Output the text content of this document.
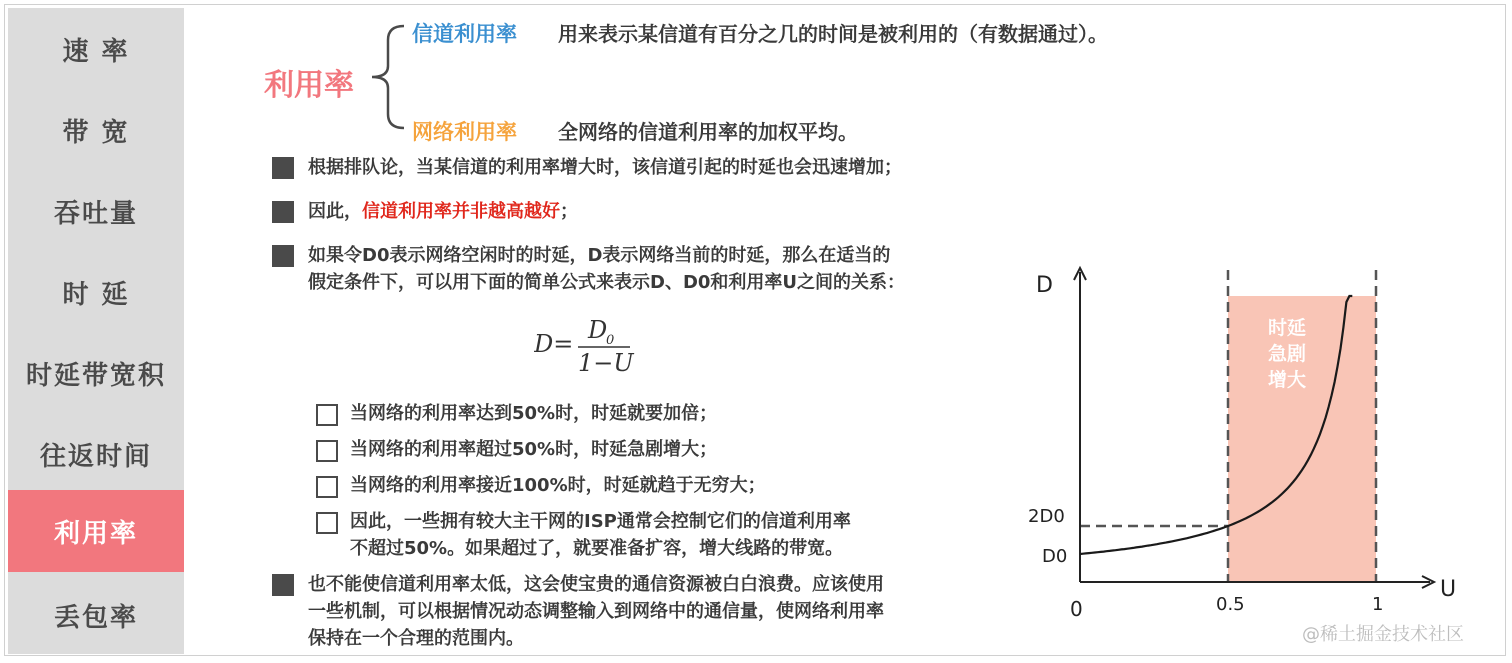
速 率
带 宽
吞吐量
时 延
时延带宽积
往返时间
利用率
丢包率
利用率
信道利用率 用来表示某信道有百分之几的时间是被利用的（有数据通过）。
网络利用率 全网络的信道利用率的加权平均。
根据排队论，当某信道的利用率增大时，该信道引起的时延也会迅速增加；
因此，信道利用率并非越高越好；
如果令D0表示网络空闲时的时延，D表示网络当前的时延，那么在适当的
假定条件下，可以用下面的简单公式来表示D、D0和利用率U之间的关系：
D= D
0
1−U
当网络的利用率达到50%时，时延就要加倍；
当网络的利用率超过50%时，时延急剧增大；
当网络的利用率接近100%时，时延就趋于无穷大；
因此，一些拥有较大主干网的ISP通常会控制它们的信道利用率
不超过50%。如果超过了，就要准备扩容，增大线路的带宽。
也不能使信道利用率太低，这会使宝贵的通信资源被白白浪费。应该使用
一些机制，可以根据情况动态调整输入到网络中的通信量，使网络利用率
保持在一个合理的范围内。
D
U
0	0.5	1
D0
2D0
时延
急剧
增大
@稀土掘金技术社区
